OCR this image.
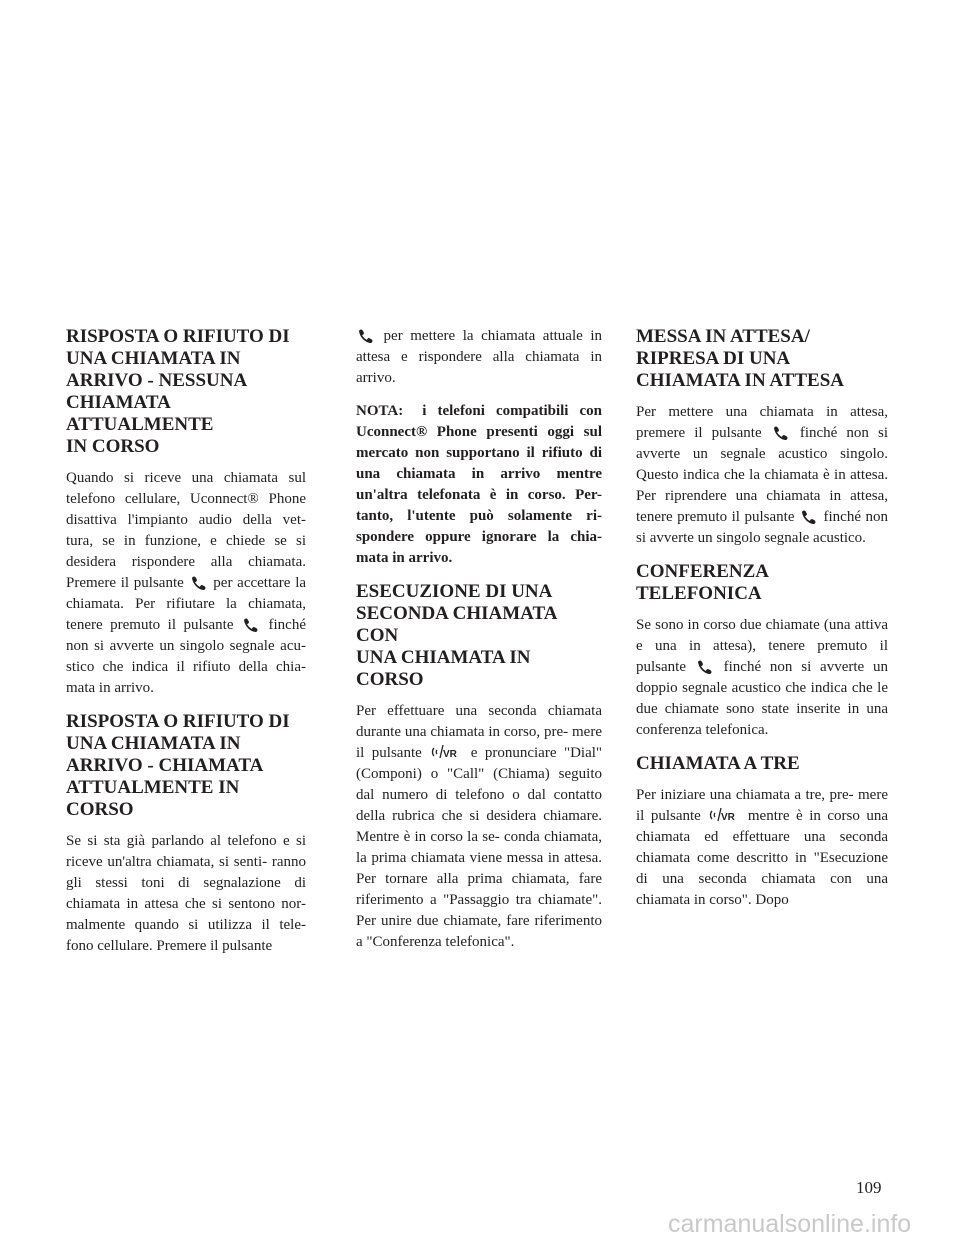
RISPOSTA O RIFIUTO DI
UNA CHIAMATA IN
ARRIVO - NESSUNA
CHIAMATA ATTUALMENTE
IN CORSO

Quando si riceve una chiamata sul telefono cellulare, Uconnect® Phone disattiva l'impianto audio della vet- tura, se in funzione, e chiede se si desidera rispondere alla chiamata. Premere il pulsante per accettare la chiamata. Per rifiutare la chiamata, tenere premuto il pulsante finché non si avverte un singolo segnale acu- stico che indica il rifiuto della chia- mata in arrivo.

RISPOSTA O RIFIUTO DI
UNA CHIAMATA IN
ARRIVO - CHIAMATA
ATTUALMENTE IN CORSO

Se si sta già parlando al telefono e si riceve un'altra chiamata, si senti- ranno gli stessi toni di segnalazione di chiamata in attesa che si sentono nor- malmente quando si utilizza il tele- fono cellulare. Premere il pulsante

per mettere la chiamata attuale in attesa e rispondere alla chiamata in arrivo.

NOTA: i telefoni compatibili con Uconnect® Phone presenti oggi sul mercato non supportano il rifiuto di una chiamata in arrivo mentre un'altra telefonata è in corso. Per- tanto, l'utente può solamente ri- spondere oppure ignorare la chia- mata in arrivo.

ESECUZIONE DI UNA
SECONDA CHIAMATA CON
UNA CHIAMATA IN CORSO

Per effettuare una seconda chiamata durante una chiamata in corso, pre- mere il pulsante VR e pronunciare "Dial" (Componi) o "Call" (Chiama) seguito dal numero di telefono o dal contatto della rubrica che si desidera chiamare. Mentre è in corso la se- conda chiamata, la prima chiamata viene messa in attesa. Per tornare alla prima chiamata, fare riferimento a "Passaggio tra chiamate". Per unire due chiamate, fare riferimento a "Conferenza telefonica".

MESSA IN ATTESA/
RIPRESA DI UNA
CHIAMATA IN ATTESA

Per mettere una chiamata in attesa, premere il pulsante	finché non si avverte un segnale acustico singolo. Questo indica che la chiamata è in attesa. Per riprendere una chiamata in attesa, tenere premuto il pulsante finché non si avverte un singolo segnale acustico.

CONFERENZA
TELEFONICA

Se sono in corso due chiamate (una attiva e una in attesa), tenere premuto il pulsante	finché non si avverte un doppio segnale acustico che indica che le due chiamate sono state inserite in una conferenza telefonica.

CHIAMATA A TRE

Per iniziare una chiamata a tre, pre- mere il pulsante VR mentre è in corso una chiamata ed effettuare una seconda chiamata come descritto in "Esecuzione di una seconda chiamata con una chiamata in corso". Dopo

109
carmanualsonline.info
